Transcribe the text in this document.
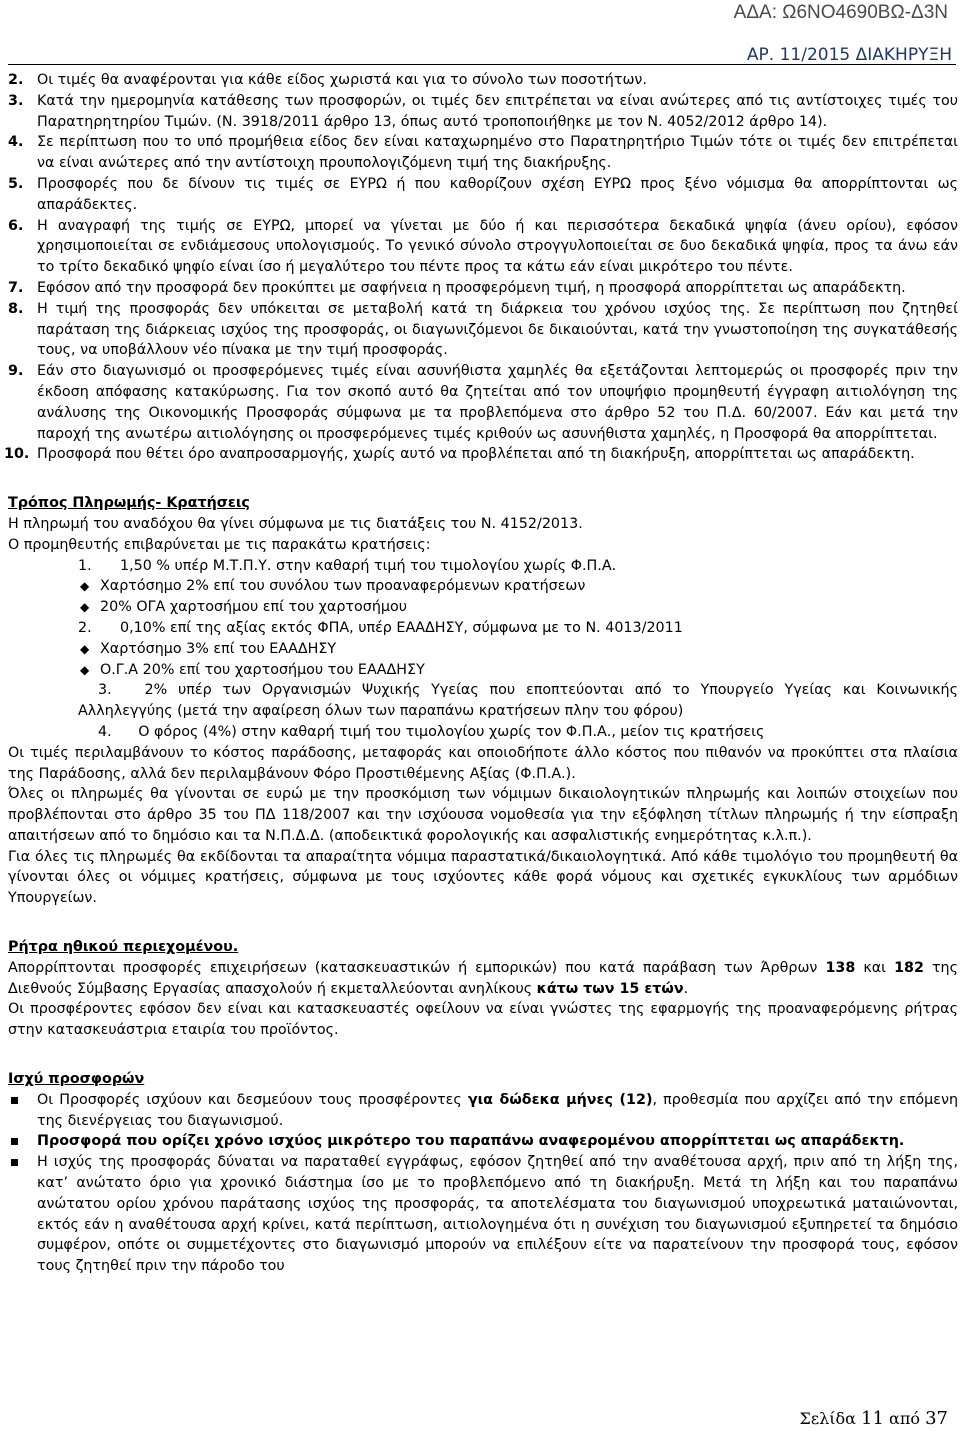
ΑΔΑ: Ω6ΝΟ4690ΒΩ-Δ3Ν
ΑΡ. 11/2015 ΔΙΑΚΗΡΥΞΗ
2. Οι τιμές θα αναφέρονται για κάθε είδος χωριστά και για το σύνολο των ποσοτήτων.
3. Κατά την ημερομηνία κατάθεσης των προσφορών, οι τιμές δεν επιτρέπεται να είναι ανώτερες από τις αντίστοιχες τιμές του Παρατηρητηρίου Τιμών. (Ν. 3918/2011 άρθρο 13, όπως αυτό τροποποιήθηκε με τον Ν. 4052/2012 άρθρο 14).
4. Σε περίπτωση που το υπό προμήθεια είδος δεν είναι καταχωρημένο στο Παρατηρητήριο Τιμών τότε οι τιμές δεν επιτρέπεται να είναι ανώτερες από την αντίστοιχη προυπολογιζόμενη τιμή της διακήρυξης.
5. Προσφορές που δε δίνουν τις τιμές σε ΕΥΡΩ ή που καθορίζουν σχέση ΕΥΡΩ προς ξένο νόμισμα θα απορρίπτονται ως απαράδεκτες.
6. Η αναγραφή της τιμής σε ΕΥΡΩ, μπορεί να γίνεται με δύο ή και περισσότερα δεκαδικά ψηφία (άνευ ορίου), εφόσον χρησιμοποιείται σε ενδιάμεσους υπολογισμούς. Το γενικό σύνολο στρογγυλοποιείται σε δυο δεκαδικά ψηφία, προς τα άνω εάν το τρίτο δεκαδικό ψηφίο είναι ίσο ή μεγαλύτερο του πέντε προς τα κάτω εάν είναι μικρότερο του πέντε.
7. Εφόσον από την προσφορά δεν προκύπτει με σαφήνεια η προσφερόμενη τιμή, η προσφορά απορρίπτεται ως απαράδεκτη.
8. Η τιμή της προσφοράς δεν υπόκειται σε μεταβολή κατά τη διάρκεια του χρόνου ισχύος της. Σε περίπτωση που ζητηθεί παράταση της διάρκειας ισχύος της προσφοράς, οι διαγωνιζόμενοι δε δικαιούνται, κατά την γνωστοποίηση της συγκατάθεσής τους, να υποβάλλουν νέο πίνακα με την τιμή προσφοράς.
9. Εάν στο διαγωνισμό οι προσφερόμενες τιμές είναι ασυνήθιστα χαμηλές θα εξετάζονται λεπτομερώς οι προσφορές πριν την έκδοση απόφασης κατακύρωσης. Για τον σκοπό αυτό θα ζητείται από τον υποψήφιο προμηθευτή έγγραφη αιτιολόγηση της ανάλυσης της Οικονομικής Προσφοράς σύμφωνα με τα προβλεπόμενα στο άρθρο 52 του Π.Δ. 60/2007. Εάν και μετά την παροχή της ανωτέρω αιτιολόγησης οι προσφερόμενες τιμές κριθούν ως ασυνήθιστα χαμηλές, η Προσφορά θα απορρίπτεται.
10. Προσφορά που θέτει όρο αναπροσαρμογής, χωρίς αυτό να προβλέπεται από τη διακήρυξη, απορρίπτεται ως απαράδεκτη.

Τρόπος Πληρωμής- Κρατήσεις

Η πληρωμή του αναδόχου θα γίνει σύμφωνα με τις διατάξεις του Ν. 4152/2013.

Ο προμηθευτής επιβαρύνεται με τις παρακάτω κρατήσεις:

1. 1,50 % υπέρ Μ.Τ.Π.Υ. στην καθαρή τιμή του τιμολογίου χωρίς Φ.Π.Α.

◆ Χαρτόσημο 2% επί του συνόλου των προαναφερόμενων κρατήσεων

◆ 20% ΟΓΑ χαρτοσήμου επί του χαρτοσήμου

2. 0,10% επί της αξίας εκτός ΦΠΑ, υπέρ ΕΑΑΔΗΣΥ, σύμφωνα με το Ν. 4013/2011

◆ Χαρτόσημο 3% επί του ΕΑΑΔΗΣΥ

◆ Ο.Γ.Α 20% επί του χαρτοσήμου του ΕΑΑΔΗΣΥ

3. 2% υπέρ των Οργανισμών Ψυχικής Υγείας που εποπτεύονται από το Υπουργείο Υγείας και Κοινωνικής Αλληλεγγύης (μετά την αφαίρεση όλων των παραπάνω κρατήσεων πλην του φόρου)

4. Ο φόρος (4%) στην καθαρή τιμή του τιμολογίου χωρίς τον Φ.Π.Α., μείον τις κρατήσεις

Οι τιμές περιλαμβάνουν το κόστος παράδοσης, μεταφοράς και οποιοδήποτε άλλο κόστος που πιθανόν να προκύπτει στα πλαίσια της Παράδοσης, αλλά δεν περιλαμβάνουν Φόρο Προστιθέμενης Αξίας (Φ.Π.Α.).

Όλες οι πληρωμές θα γίνονται σε ευρώ με την προσκόμιση των νόμιμων δικαιολογητικών πληρωμής και λοιπών στοιχείων που προβλέπονται στο άρθρο 35 του ΠΔ 118/2007 και την ισχύουσα νομοθεσία για την εξόφληση τίτλων πληρωμής ή την είσπραξη απαιτήσεων από το δημόσιο και τα Ν.Π.Δ.Δ. (αποδεικτικά φορολογικής και ασφαλιστικής ενημερότητας κ.λ.π.).

Για όλες τις πληρωμές θα εκδίδονται τα απαραίτητα νόμιμα παραστατικά/δικαιολογητικά. Από κάθε τιμολόγιο του προμηθευτή θα γίνονται όλες οι νόμιμες κρατήσεις, σύμφωνα με τους ισχύοντες κάθε φορά νόμους και σχετικές εγκυκλίους των αρμόδιων Υπουργείων.

Ρήτρα ηθικού περιεχομένου.

Απορρίπτονται προσφορές επιχειρήσεων (κατασκευαστικών ή εμπορικών) που κατά παράβαση των Άρθρων 138 και 182 της Διεθνούς Σύμβασης Εργασίας απασχολούν ή εκμεταλλεύονται ανηλίκους κάτω των 15 ετών.

Οι προσφέροντες εφόσον δεν είναι και κατασκευαστές οφείλουν να είναι γνώστες της εφαρμογής της προαναφερόμενης ρήτρας στην κατασκευάστρια εταιρία του προϊόντος.

Ισχύ προσφορών

Οι Προσφορές ισχύουν και δεσμεύουν τους προσφέροντες για δώδεκα μήνες (12), προθεσμία που αρχίζει από την επόμενη της διενέργειας του διαγωνισμού.

Προσφορά που ορίζει χρόνο ισχύος μικρότερο του παραπάνω αναφερομένου απορρίπτεται ως απαράδεκτη.

Η ισχύς της προσφοράς δύναται να παραταθεί εγγράφως, εφόσον ζητηθεί από την αναθέτουσα αρχή, πριν από τη λήξη της, κατ’ ανώτατο όριο για χρονικό διάστημα ίσο με το προβλεπόμενο από τη διακήρυξη. Μετά τη λήξη και του παραπάνω ανώτατου ορίου χρόνου παράτασης ισχύος της προσφοράς, τα αποτελέσματα του διαγωνισμού υποχρεωτικά ματαιώνονται, εκτός εάν η αναθέτουσα αρχή κρίνει, κατά περίπτωση, αιτιολογημένα ότι η συνέχιση του διαγωνισμού εξυπηρετεί τα δημόσιο συμφέρον, οπότε οι συμμετέχοντες στο διαγωνισμό μπορούν να επιλέξουν είτε να παρατείνουν την προσφορά τους, εφόσον τους ζητηθεί πριν την πάροδο του

Σελίδα 11 από 37
